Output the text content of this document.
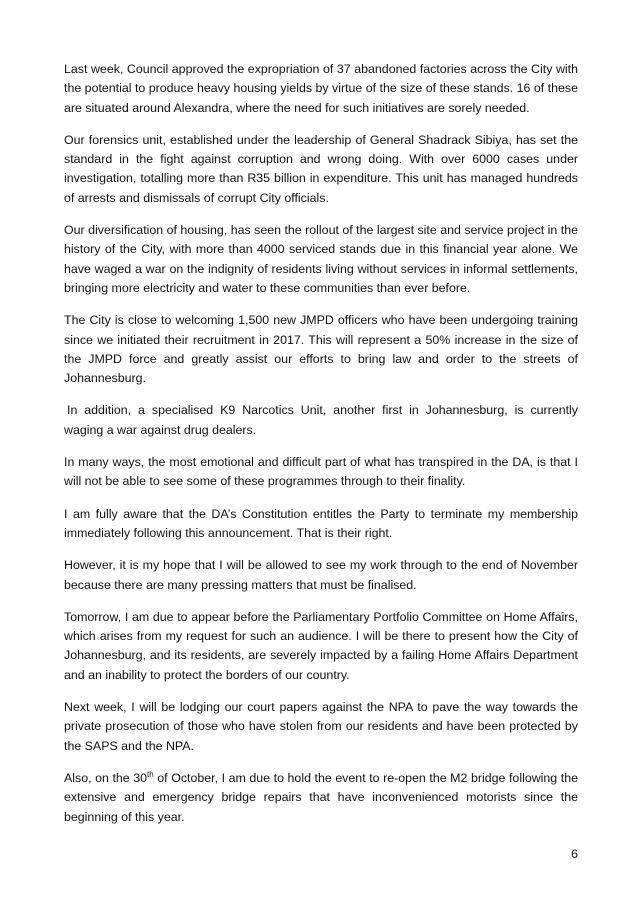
Last week, Council approved the expropriation of 37 abandoned factories across the City with the potential to produce heavy housing yields by virtue of the size of these stands. 16 of these are situated around Alexandra, where the need for such initiatives are sorely needed.

Our forensics unit, established under the leadership of General Shadrack Sibiya, has set the standard in the fight against corruption and wrong doing. With over 6000 cases under investigation, totalling more than R35 billion in expenditure. This unit has managed hundreds of arrests and dismissals of corrupt City officials.

Our diversification of housing, has seen the rollout of the largest site and service project in the history of the City, with more than 4000 serviced stands due in this financial year alone. We have waged a war on the indignity of residents living without services in informal settlements, bringing more electricity and water to these communities than ever before.

The City is close to welcoming 1,500 new JMPD officers who have been undergoing training since we initiated their recruitment in 2017. This will represent a 50% increase in the size of the JMPD force and greatly assist our efforts to bring law and order to the streets of Johannesburg.

In addition, a specialised K9 Narcotics Unit, another first in Johannesburg, is currently waging a war against drug dealers.

In many ways, the most emotional and difficult part of what has transpired in the DA, is that I will not be able to see some of these programmes through to their finality.

I am fully aware that the DA’s Constitution entitles the Party to terminate my membership immediately following this announcement. That is their right.

However, it is my hope that I will be allowed to see my work through to the end of November because there are many pressing matters that must be finalised.

Tomorrow, I am due to appear before the Parliamentary Portfolio Committee on Home Affairs, which arises from my request for such an audience. I will be there to present how the City of Johannesburg, and its residents, are severely impacted by a failing Home Affairs Department and an inability to protect the borders of our country.

Next week, I will be lodging our court papers against the NPA to pave the way towards the private prosecution of those who have stolen from our residents and have been protected by the SAPS and the NPA.

Also, on the 30th of October, I am due to hold the event to re-open the M2 bridge following the extensive and emergency bridge repairs that have inconvenienced motorists since the beginning of this year.

6
